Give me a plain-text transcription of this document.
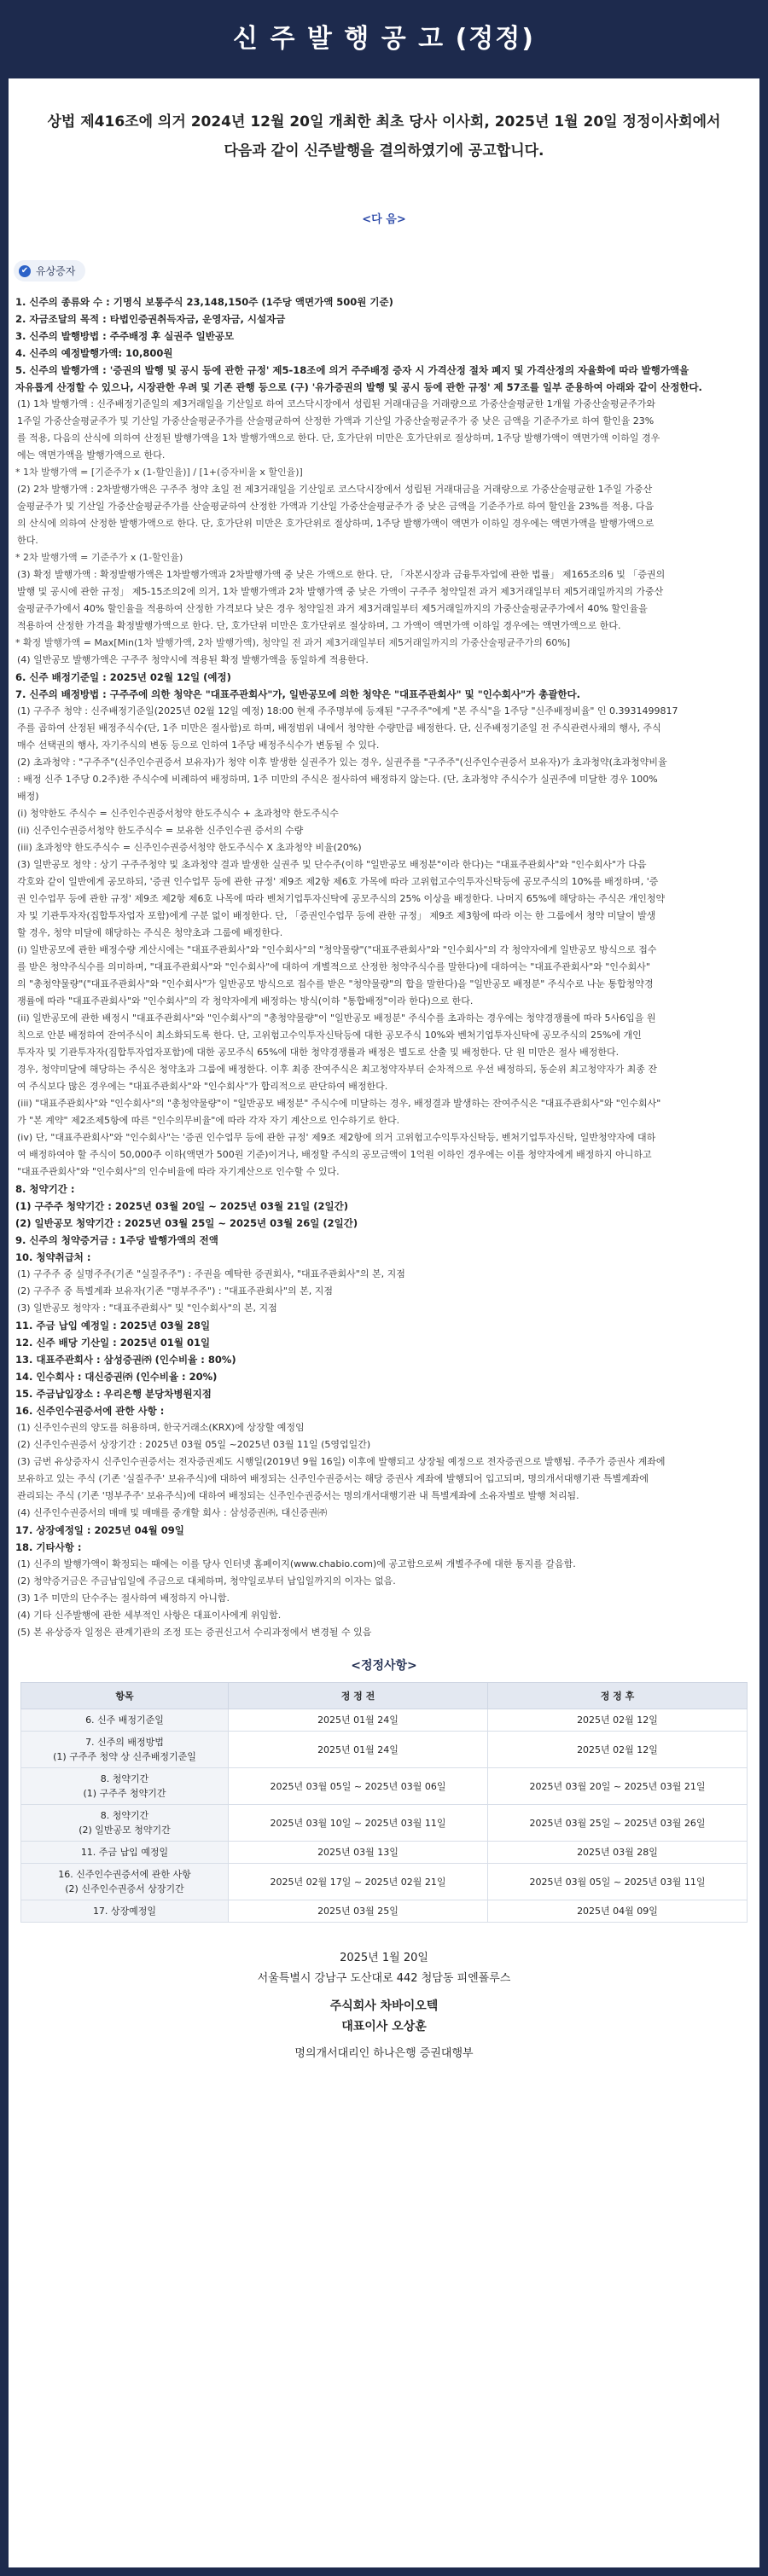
신 주 발 행 공 고 (정정)
상법 제416조에 의거 2024년 12월 20일 개최한 최초 당사 이사회, 2025년 1월 20일 정정이사회에서
다음과 같이 신주발행을 결의하였기에 공고합니다.
<다 음>
✔ 유상증자
1. 신주의 종류와 수 : 기명식 보통주식 23,148,150주 (1주당 액면가액 500원 기준)
2. 자금조달의 목적 : 타법인증권취득자금, 운영자금, 시설자금
3. 신주의 발행방법 : 주주배정 후 실권주 일반공모
4. 신주의 예정발행가액: 10,800원
5. 신주의 발행가액 : '증권의 발행 및 공시 등에 관한 규정' 제5-18조에 의거 주주배정 증자 시 가격산정 절차 폐지 및 가격산정의 자율화에 따라 발행가액을
자유롭게 산정할 수 있으나, 시장관한 우려 및 기존 관행 등으로 (구) '유가증권의 발행 및 공시 등에 관한 규정' 제 57조를 일부 준용하여 아래와 같이 산정한다.
(1) 1차 발행가액 : 신주배정기준일의 제3거래일을 기산일로 하여 코스닥시장에서 성립된 거래대금을 거래량으로 가중산술평균한 1개월 가중산술평균주가와
1주일 가중산술평균주가 및 기산일 가중산술평균주가를 산술평균하여 산정한 가액과 기산일 가중산술평균주가 중 낮은 금액을 기준주가로 하여 할인율 23%
를 적용, 다음의 산식에 의하여 산정된 발행가액을 1차 발행가액으로 한다. 단, 호가단위 미만은 호가단위로 절상하며, 1주당 발행가액이 액면가액 이하일 경우
에는 액면가액을 발행가액으로 한다.
* 1차 발행가액 = [기준주가 x (1-할인율)] / [1+(증자비율 x 할인율)]
(2) 2차 발행가액 : 2차발행가액은 구주주 청약 초일 전 제3거래일을 기산일로 코스닥시장에서 성립된 거래대금을 거래량으로 가중산술평균한 1주일 가중산
술평균주가 및 기산일 가중산술평균주가를 산술평균하여 산정한 가액과 기산일 가중산술평균주가 중 낮은 금액을 기준주가로 하여 할인율 23%를 적용, 다음
의 산식에 의하여 산정한 발행가액으로 한다. 단, 호가단위 미만은 호가단위로 절상하며, 1주당 발행가액이 액면가 이하일 경우에는 액면가액을 발행가액으로
한다.
* 2차 발행가액 = 기준주가 x (1-할인율)
(3) 확정 발행가액 : 확정발행가액은 1차발행가액과 2차발행가액 중 낮은 가액으로 한다. 단, 「자본시장과 금융투자업에 관한 법률」 제165조의6 및 「증권의
발행 및 공시에 관한 규정」 제5-15조의2에 의거, 1차 발행가액과 2차 발행가액 중 낮은 가액이 구주주 청약일전 과거 제3거래일부터 제5거래일까지의 가중산
술평균주가에서 40% 할인율을 적용하여 산정한 가격보다 낮은 경우 청약일전 과거 제3거래일부터 제5거래일까지의 가중산술평균주가에서 40% 할인율을
적용하여 산정한 가격을 확정발행가액으로 한다. 단, 호가단위 미만은 호가단위로 절상하며, 그 가액이 액면가액 이하일 경우에는 액면가액으로 한다.
* 확정 발행가액 = Max[Min(1차 발행가액, 2차 발행가액), 청약일 전 과거 제3거래일부터 제5거래일까지의 가중산술평균주가의 60%]
(4) 일반공모 발행가액은 구주주 청약시에 적용된 확정 발행가액을 동일하게 적용한다.
6. 신주 배정기준일 : 2025년 02월 12일 (예정)
7. 신주의 배정방법 : 구주주에 의한 청약은 "대표주관회사"가, 일반공모에 의한 청약은 "대표주관회사" 및 "인수회사"가 총괄한다.
(1) 구주주 청약 : 신주배정기준일(2025년 02월 12일 예정) 18:00 현재 주주명부에 등재된 "구주주"에게 "본 주식"을 1주당 "신주배정비율" 인 0.3931499817
주를 곱하여 산정된 배정주식수(단, 1주 미만은 절사함)로 하며, 배정범위 내에서 청약한 수량만큼 배정한다. 단, 신주배정기준일 전 주식관련사채의 행사, 주식
매수 선택권의 행사, 자기주식의 변동 등으로 인하여 1주당 배정주식수가 변동될 수 있다.
(2) 초과청약 : "구주주"(신주인수권증서 보유자)가 청약 이후 발생한 실권주가 있는 경우, 실권주를 "구주주"(신주인수권증서 보유자)가 초과청약(초과청약비율
: 배정 신주 1주당 0.2주)한 주식수에 비례하여 배정하며, 1주 미만의 주식은 절사하여 배정하지 않는다. (단, 초과청약 주식수가 실권주에 미달한 경우 100%
배정)
(i) 청약한도 주식수 = 신주인수권증서청약 한도주식수 + 초과청약 한도주식수
(ii) 신주인수권증서청약 한도주식수 = 보유한 신주인수권 증서의 수량
(iii) 초과청약 한도주식수 = 신주인수권증서청약 한도주식수 X 초과청약 비율(20%)
(3) 일반공모 청약 : 상기 구주주청약 및 초과청약 결과 발생한 실권주 및 단수주(이하 "일반공모 배정분"이라 한다)는 "대표주관회사"와 "인수회사"가 다음
각호와 같이 일반에게 공모하되, '증권 인수업무 등에 관한 규정' 제9조 제2항 제6호 가목에 따라 고위험고수익투자신탁등에 공모주식의 10%를 배정하며, '증
권 인수업무 등에 관한 규정' 제9조 제2항 제6호 나목에 따라 벤처기업투자신탁에 공모주식의 25% 이상을 배정한다. 나머지 65%에 해당하는 주식은 개인청약
자 및 기관투자자(집합투자업자 포함)에게 구분 없이 배정한다. 단, 「증권인수업무 등에 관한 규정」 제9조 제3항에 따라 이는 한 그룹에서 청약 미달이 발생
할 경우, 청약 미달에 해당하는 주식은 청약초과 그룹에 배정한다.
(i) 일반공모에 관한 배정수량 계산시에는 "대표주관회사"와 "인수회사"의 "청약물량"("대표주관회사"와 "인수회사"의 각 청약자에게 일반공모 방식으로 접수
를 받은 청약주식수를 의미하며, "대표주관회사"와 "인수회사"에 대하여 개별적으로 산정한 청약주식수를 말한다)에 대하여는 "대표주관회사"와 "인수회사"
의 "총청약물량"("대표주관회사"와 "인수회사"가 일반공모 방식으로 접수를 받은 "청약물량"의 합을 말한다)을 "일반공모 배정분" 주식수로 나눈 통합청약경
쟁률에 따라 "대표주관회사"와 "인수회사"의 각 청약자에게 배정하는 방식(이하 "통합배정"이라 한다)으로 한다.
(ii) 일반공모에 관한 배정시 "대표주관회사"와 "인수회사"의 "총청약물량"이 "일반공모 배정분" 주식수를 초과하는 경우에는 청약경쟁률에 따라 5사6입을 원
칙으로 안분 배정하여 잔여주식이 최소화되도록 한다. 단, 고위험고수익투자신탁등에 대한 공모주식 10%와 벤처기업투자신탁에 공모주식의 25%에 개인
투자자 및 기관투자자(집합투자업자포함)에 대한 공모주식 65%에 대한 청약경쟁률과 배정은 별도로 산출 및 배정한다. 단 원 미만은 절사 배정한다.
경우, 청약미달에 해당하는 주식은 청약초과 그룹에 배정한다. 이후 최종 잔여주식은 최고청약자부터 순차적으로 우선 배정하되, 동순위 최고청약자가 최종 잔
여 주식보다 많은 경우에는 "대표주관회사"와 "인수회사"가 합리적으로 판단하여 배정한다.
(iii) "대표주관회사"와 "인수회사"의 "총청약물량"이 "일반공모 배정분" 주식수에 미달하는 경우, 배정결과 발생하는 잔여주식은 "대표주관회사"와 "인수회사"
가 "본 계약" 제2조제5항에 따른 "인수의무비율"에 따라 각자 자기 계산으로 인수하기로 한다.
(iv) 단, "대표주관회사"와 "인수회사"는 '증권 인수업무 등에 관한 규정' 제9조 제2항에 의거 고위험고수익투자신탁등, 벤처기업투자신탁, 일반청약자에 대하
여 배정하여야 할 주식이 50,000주 이하(액면가 500원 기준)이거나, 배정할 주식의 공모금액이 1억원 이하인 경우에는 이를 청약자에게 배정하지 아니하고
"대표주관회사"와 "인수회사"의 인수비율에 따라 자기계산으로 인수할 수 있다.
8. 청약기간 :
(1) 구주주 청약기간 : 2025년 03월 20일 ~ 2025년 03월 21일 (2일간)
(2) 일반공모 청약기간 : 2025년 03월 25일 ~ 2025년 03월 26일 (2일간)
9. 신주의 청약증거금 : 1주당 발행가액의 전액
10. 청약취급처 :
(1) 구주주 중 실명주주(기존 "실질주주") : 주권을 예탁한 증권회사, "대표주관회사"의 본, 지점
(2) 구주주 중 특별계좌 보유자(기존 "명부주주") : "대표주관회사"의 본, 지점
(3) 일반공모 청약자 : "대표주관회사" 및 "인수회사"의 본, 지점
11. 주금 납입 예정일 : 2025년 03월 28일
12. 신주 배당 기산일 : 2025년 01월 01일
13. 대표주관회사 : 삼성증권㈜ (인수비율 : 80%)
14. 인수회사 : 대신증권㈜ (인수비율 : 20%)
15. 주금납입장소 : 우리은행 분당차병원지점
16. 신주인수권증서에 관한 사항 :
(1) 신주인수권의 양도를 허용하며, 한국거래소(KRX)에 상장할 예정임
(2) 신주인수권증서 상장기간 : 2025년 03월 05일 ~2025년 03월 11일 (5영업일간)
(3) 금번 유상증자시 신주인수권증서는 전자증권제도 시행일(2019년 9월 16일) 이후에 발행되고 상장될 예정으로 전자증권으로 발행됨. 주주가 증권사 계좌에
보유하고 있는 주식 (기존 '실질주주' 보유주식)에 대하여 배정되는 신주인수권증서는 해당 증권사 계좌에 발행되어 입고되며, 명의개서대행기관 특별계좌에
관리되는 주식 (기존 '명부주주' 보유주식)에 대하여 배정되는 신주인수권증서는 명의개서대행기관 내 특별계좌에 소유자별로 발행 처리됨.
(4) 신주인수권증서의 매매 및 매매를 중개할 회사 : 삼성증권㈜, 대신증권㈜
17. 상장예정일 : 2025년 04월 09일
18. 기타사항 :
(1) 신주의 발행가액이 확정되는 때에는 이를 당사 인터넷 홈페이지(www.chabio.com)에 공고함으로써 개별주주에 대한 통지를 갈음함.
(2) 청약증거금은 주금납입일에 주금으로 대체하며, 청약일로부터 납입일까지의 이자는 없음.
(3) 1주 미만의 단수주는 절사하여 배정하지 아니함.
(4) 기타 신주발행에 관한 세부적인 사항은 대표이사에게 위임함.
(5) 본 유상증자 일정은 관계기관의 조정 또는 증권신고서 수리과정에서 변경될 수 있음
<정정사항>
항목	정 정 전	정 정 후

6. 신주 배정기준일	2025년 01월 24일	2025년 02월 12일

7. 신주의 배정방법
(1) 구주주 청약 상 신주배정기준일	2025년 01월 24일	2025년 02월 12일

8. 청약기간
(1) 구주주 청약기간	2025년 03월 05일 ~ 2025년 03월 06일	2025년 03월 20일 ~ 2025년 03월 21일

8. 청약기간
(2) 일반공모 청약기간	2025년 03월 10일 ~ 2025년 03월 11일	2025년 03월 25일 ~ 2025년 03월 26일

11. 주금 납입 예정일	2025년 03월 13일	2025년 03월 28일

16. 신주인수권증서에 관한 사항
(2) 신주인수권증서 상장기간	2025년 02월 17일 ~ 2025년 02월 21일	2025년 03월 05일 ~ 2025년 03월 11일

17. 상장예정일	2025년 03월 25일	2025년 04월 09일
2025년 1월 20일
서울특별시 강남구 도산대로 442 청담동 피엔폴루스
주식회사 차바이오텍
대표이사 오상훈
명의개서대리인 하나은행 증권대행부
